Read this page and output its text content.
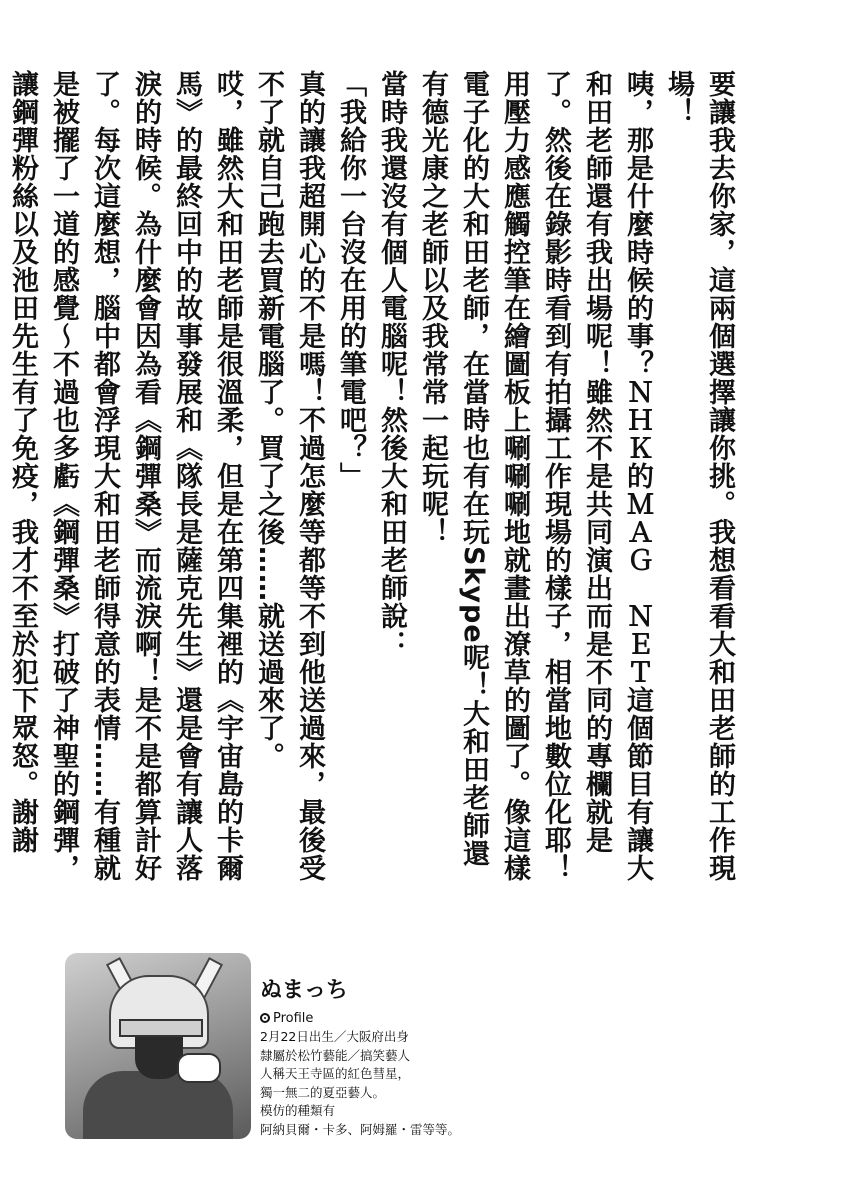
要讓我去你家，這兩個選擇讓你挑。我想看看大和田老師的工作現場！

咦，那是什麼時候的事？ＮＨＫ的ＭＡＧ　ＮＥＴ這個節目有讓大和田老師還有我出場呢！雖然不是共同演出而是不同的專欄就是了。然後在錄影時看到有拍攝工作現場的樣子，相當地數位化耶！用壓力感應觸控筆在繪圖板上唰唰唰地就畫出潦草的圖了。像這樣電子化的大和田老師，在當時也有在玩Skype呢！大和田老師還有德光康之老師以及我常常一起玩呢！

當時我還沒有個人電腦呢！然後大和田老師說：

「我給你一台沒在用的筆電吧？」

真的讓我超開心的不是嗎！不過怎麼等都等不到他送過來，最後受不了就自己跑去買新電腦了。買了之後……就送過來了。

哎，雖然大和田老師是很溫柔，但是在第四集裡的《宇宙島的卡爾馬》的最終回中的故事發展和《隊長是薩克先生》還是會有讓人落淚的時候。為什麼會因為看《鋼彈桑》而流淚啊！是不是都算計好了。每次這麼想，腦中都會浮現大和田老師得意的表情……有種就是被擺了一道的感覺～不過也多虧《鋼彈桑》打破了神聖的鋼彈，讓鋼彈粉絲以及池田先生有了免疫，我才不至於犯下眾怒。謝謝

ぬまっち

Profile

2月22日出生／大阪府出身

隸屬於松竹藝能／搞笑藝人

人稱天王寺區的紅色彗星，

獨一無二的夏亞藝人。

模仿的種類有

阿納貝爾・卡多、阿姆羅・雷等等。
